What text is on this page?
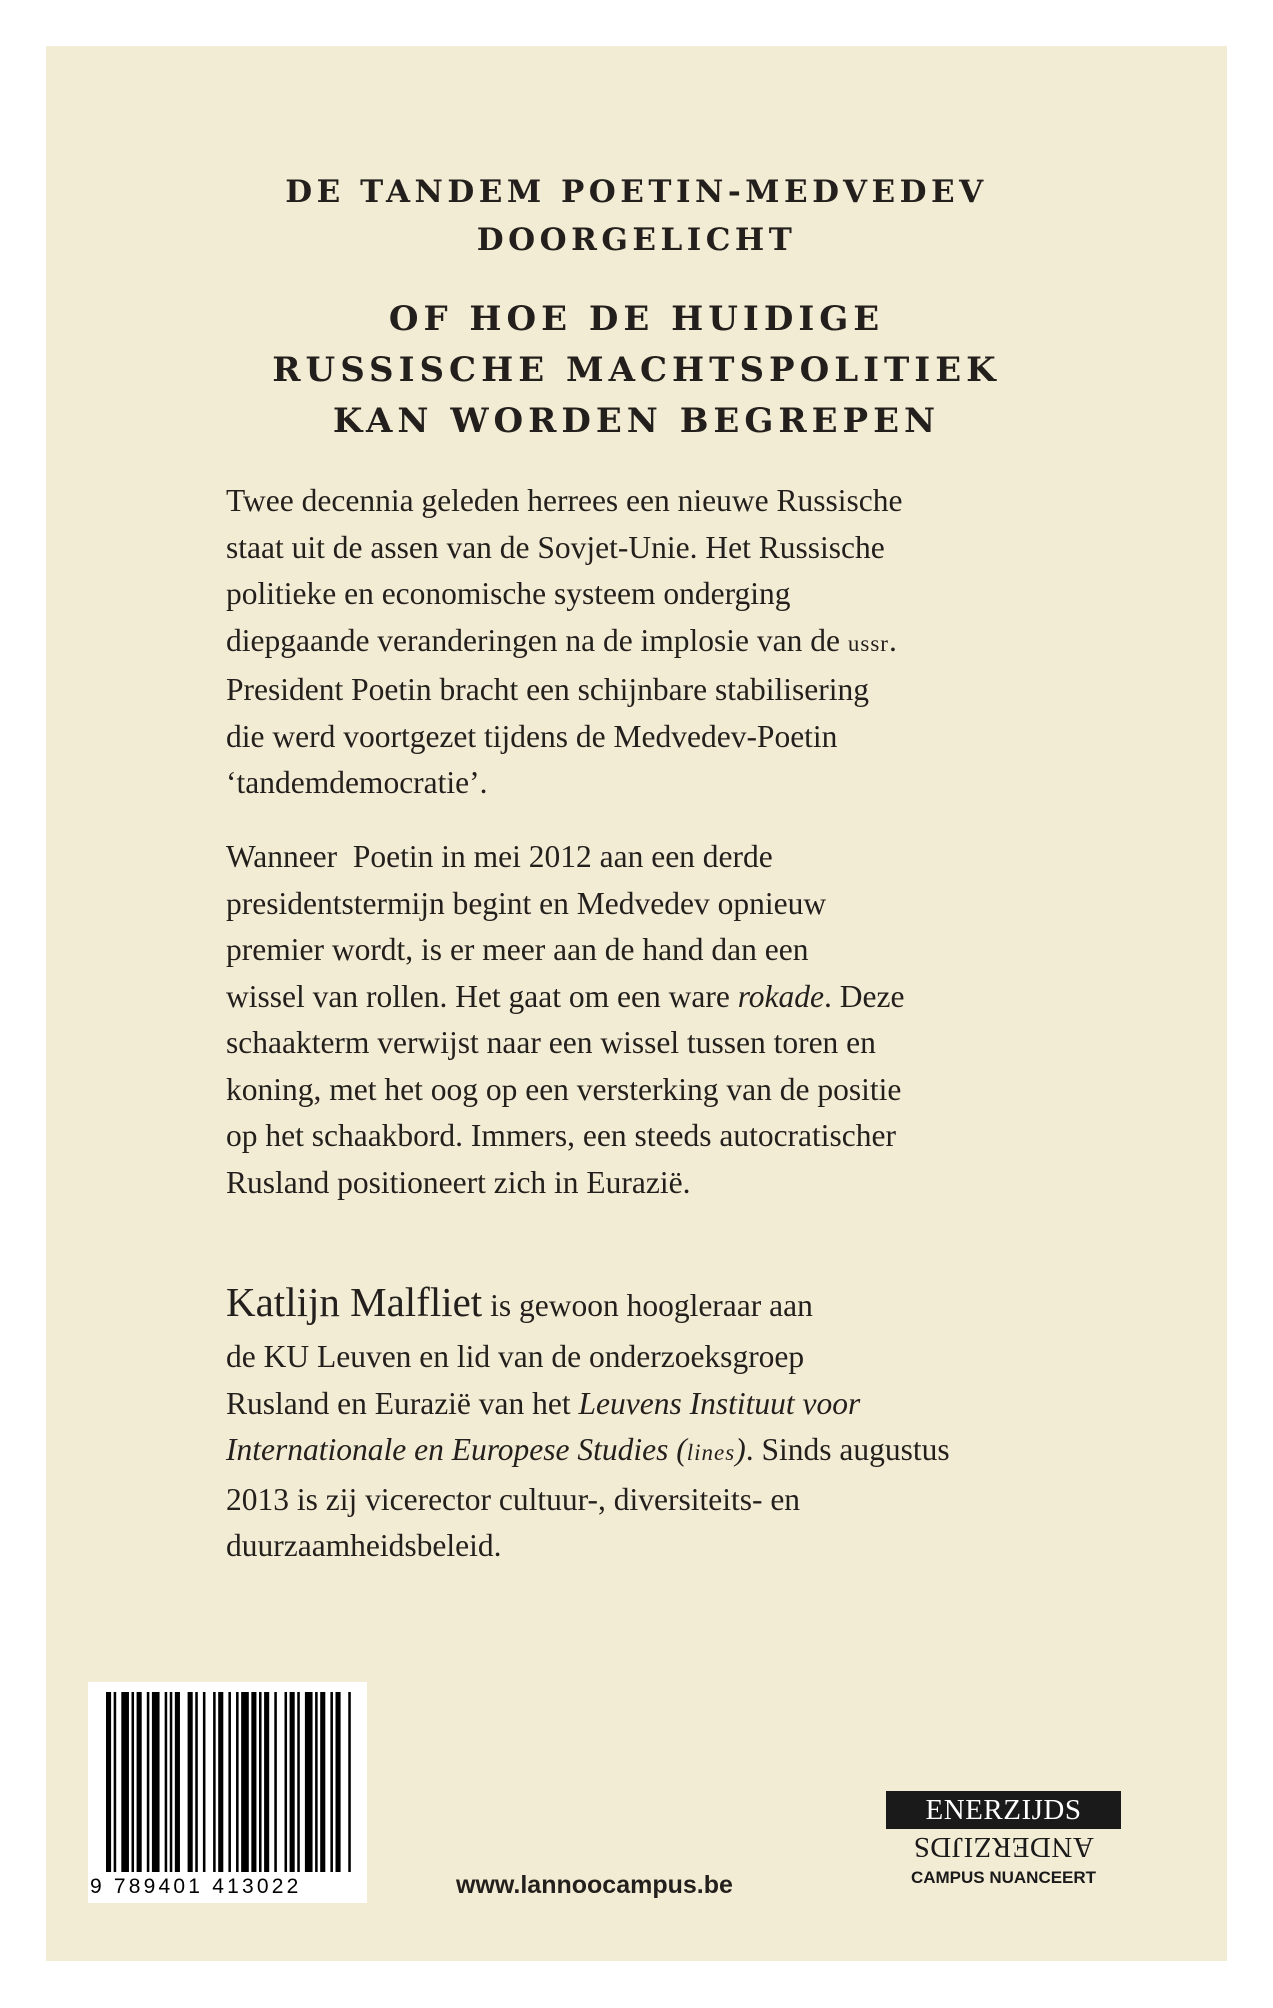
DE TANDEM POETIN-MEDVEDEV
DOORGELICHT
OF HOE DE HUIDIGE
RUSSISCHE MACHTSPOLITIEK
KAN WORDEN BEGREPEN
Twee decennia geleden herrees een nieuwe Russische
staat uit de assen van de Sovjet-Unie. Het Russische
politieke en economische systeem onderging
diepgaande veranderingen na de implosie van de ussr.
President Poetin bracht een schijnbare stabilisering
die werd voortgezet tijdens de Medvedev-Poetin
‘tandemdemocratie’.
Wanneer  Poetin in mei 2012 aan een derde
presidentstermijn begint en Medvedev opnieuw
premier wordt, is er meer aan de hand dan een
wissel van rollen. Het gaat om een ware rokade. Deze
schaakterm verwijst naar een wissel tussen toren en
koning, met het oog op een versterking van de positie
op het schaakbord. Immers, een steeds autocratischer
Rusland positioneert zich in Eurazië.
Katlijn Malfliet is gewoon hoogleraar aan
de KU Leuven en lid van de onderzoeksgroep
Rusland en Eurazië van het Leuvens Instituut voor
Internationale en Europese Studies (lines). Sinds augustus
2013 is zij vicerector cultuur-, diversiteits- en
duurzaamheidsbeleid.
9 789401 413022	www.lannoocampus.be
ENERZIJDS
ANDERZIJDS
CAMPUS NUANCEERT
